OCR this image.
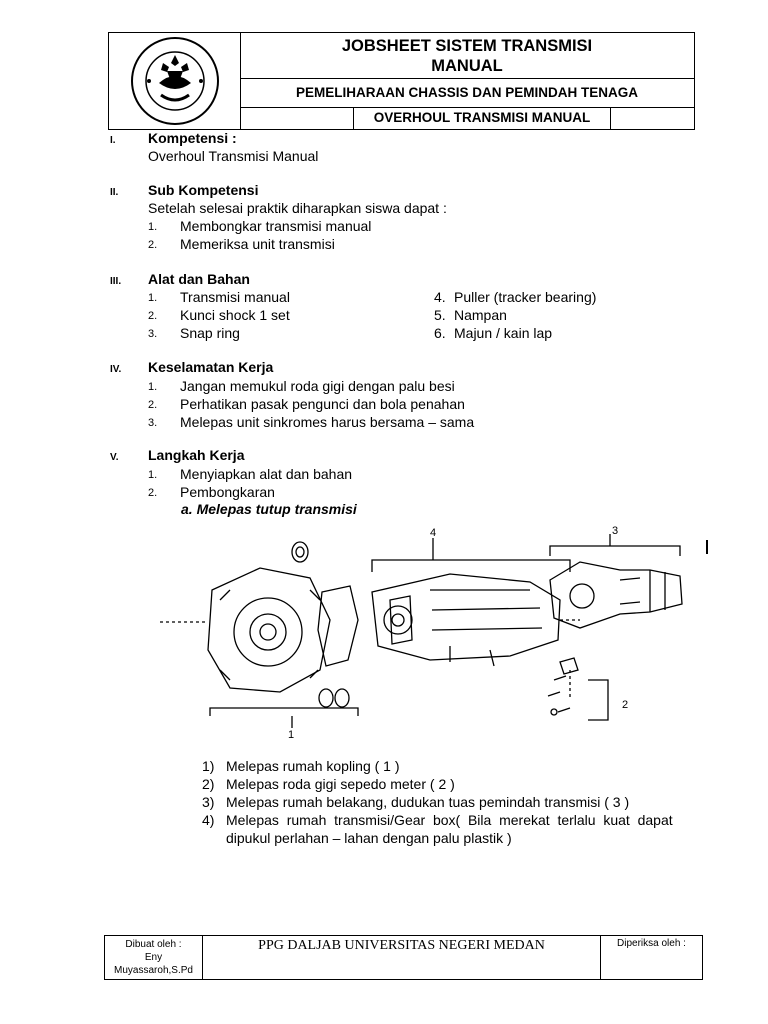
JOBSHEET SISTEM TRANSMISI
MANUAL
PEMELIHARAAN CHASSIS DAN PEMINDAH TENAGA
OVERHOUL TRANSMISI MANUAL
I. Kompetensi :
Overhoul Transmisi Manual
II. Sub Kompetensi
Setelah selesai praktik diharapkan siswa dapat :
1. Membongkar transmisi manual
2. Memeriksa unit transmisi
III. Alat dan Bahan
1. Transmisi manual
2. Kunci shock 1 set
3. Snap ring
4. Puller (tracker bearing)
5. Nampan
6. Majun / kain lap
IV. Keselamatan Kerja
1. Jangan memukul roda gigi dengan palu besi
2. Perhatikan pasak pengunci dan bola penahan
3. Melepas unit sinkromes harus bersama – sama
V. Langkah Kerja
1. Menyiapkan alat dan bahan
2. Pembongkaran
a. Melepas tutup transmisi
4	3
1
2
1) Melepas rumah kopling ( 1 )
2) Melepas roda gigi sepedo meter ( 2 )
3) Melepas rumah belakang, dudukan tuas pemindah transmisi ( 3 )
4) Melepas  rumah  transmisi/Gear  box(  Bila  merekat  terlalu  kuat  dapat
dipukul perlahan – lahan dengan palu plastik )
Dibuat oleh :
Eny
Muyassaroh,S.Pd
PPG DALJAB UNIVERSITAS NEGERI MEDAN	Diperiksa oleh :
